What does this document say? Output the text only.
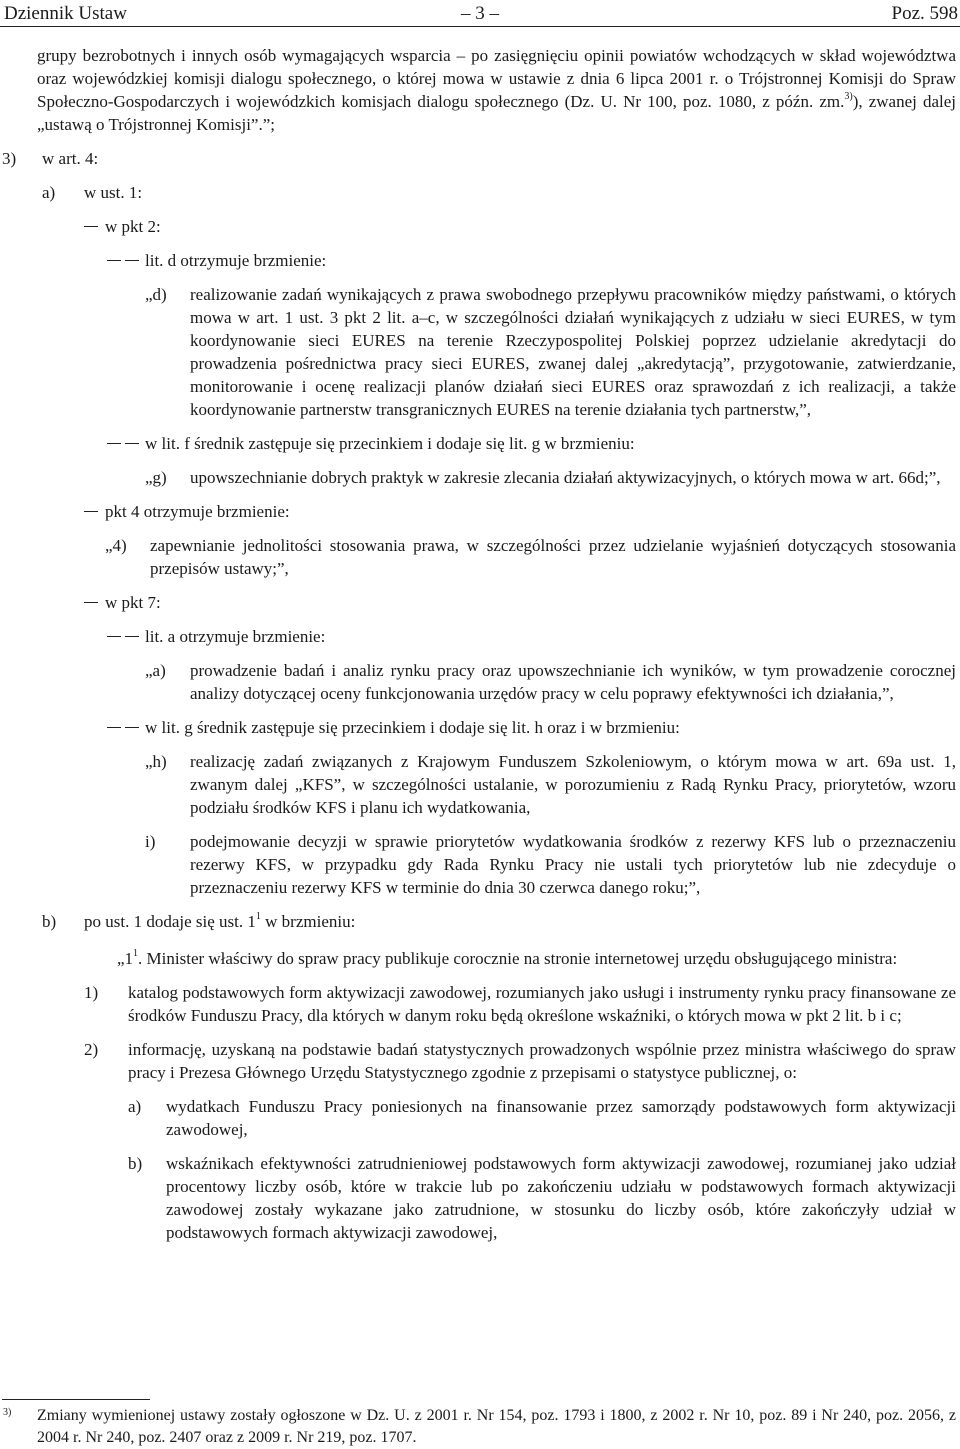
Dziennik Ustaw	– 3 –	Poz. 598

grupy bezrobotnych i innych osób wymagających wsparcia – po zasięgnięciu opinii powiatów wchodzących w skład województwa oraz wojewódzkiej komisji dialogu społecznego, o której mowa w ustawie z dnia 6 lipca 2001 r. o Trójstronnej Komisji do Spraw Społeczno-Gospodarczych i wojewódzkich komisjach dialogu społecznego (Dz. U. Nr 100, poz. 1080, z późn. zm.$^{3)}$), zwanej dalej „ustawą o Trójstronnej Komisji”.”;

3) w art. 4:
a) w ust. 1:
w pkt 2:
lit. d otrzymuje brzmienie:
„d) realizowanie zadań wynikających z prawa swobodnego przepływu pracowników między państwami, o których mowa w art. 1 ust. 3 pkt 2 lit. a–c, w szczególności działań wynikających z udziału w sieci EURES, w tym koordynowanie sieci EURES na terenie Rzeczypospolitej Polskiej poprzez udzielanie akredytacji do prowadzenia pośrednictwa pracy sieci EURES, zwanej dalej „akredytacją”, przygotowanie, zatwierdzanie, monitorowanie i ocenę realizacji planów działań sieci EURES oraz sprawozdań z ich realizacji, a także koordynowanie partnerstw transgranicznych EURES na terenie działania tych partnerstw,”,

w lit. f średnik zastępuje się przecinkiem i dodaje się lit. g w brzmieniu:
„g) upowszechnianie dobrych praktyk w zakresie zlecania działań aktywizacyjnych, o których mowa w art. 66d;”,

pkt 4 otrzymuje brzmienie:
„4) zapewnianie jednolitości stosowania prawa, w szczególności przez udzielanie wyjaśnień dotyczących stosowania przepisów ustawy;”,

w pkt 7:
lit. a otrzymuje brzmienie:
„a) prowadzenie badań i analiz rynku pracy oraz upowszechnianie ich wyników, w tym prowadzenie corocznej analizy dotyczącej oceny funkcjonowania urzędów pracy w celu poprawy efektywności ich działania,”,

w lit. g średnik zastępuje się przecinkiem i dodaje się lit. h oraz i w brzmieniu:
„h) realizację zadań związanych z Krajowym Funduszem Szkoleniowym, o którym mowa w art. 69a ust. 1, zwanym dalej „KFS”, w szczególności ustalanie, w porozumieniu z Radą Rynku Pracy, priorytetów, wzoru podziału środków KFS i planu ich wydatkowania,

i) podejmowanie decyzji w sprawie priorytetów wydatkowania środków z rezerwy KFS lub o przeznaczeniu rezerwy KFS, w przypadku gdy Rada Rynku Pracy nie ustali tych priorytetów lub nie zdecyduje o przeznaczeniu rezerwy KFS w terminie do dnia 30 czerwca danego roku;”,

b) po ust. 1 dodaje się ust. $1^1$ w brzmieniu:

$„1^1$. Minister właściwy do spraw pracy publikuje corocznie na stronie internetowej urzędu obsługującego ministra:

1) katalog podstawowych form aktywizacji zawodowej, rozumianych jako usługi i instrumenty rynku pracy finansowane ze środków Funduszu Pracy, dla których w danym roku będą określone wskaźniki, o których mowa w pkt 2 lit. b i c;

2) informację, uzyskaną na podstawie badań statystycznych prowadzonych wspólnie przez ministra właściwego do spraw pracy i Prezesa Głównego Urzędu Statystycznego zgodnie z przepisami o statystyce publicznej, o:

a) wydatkach Funduszu Pracy poniesionych na finansowanie przez samorządy podstawowych form aktywizacji zawodowej,

b) wskaźnikach efektywności zatrudnieniowej podstawowych form aktywizacji zawodowej, rozumianej jako udział procentowy liczby osób, które w trakcie lub po zakończeniu udziału w podstawowych formach aktywizacji zawodowej zostały wykazane jako zatrudnione, w stosunku do liczby osób, które zakończyły udział w podstawowych formach aktywizacji zawodowej,

3) Zmiany wymienionej ustawy zostały ogłoszone w Dz. U. z 2001 r. Nr 154, poz. 1793 i 1800, z 2002 r. Nr 10, poz. 89 i Nr 240, poz. 2056, z 2004 r. Nr 240, poz. 2407 oraz z 2009 r. Nr 219, poz. 1707.
